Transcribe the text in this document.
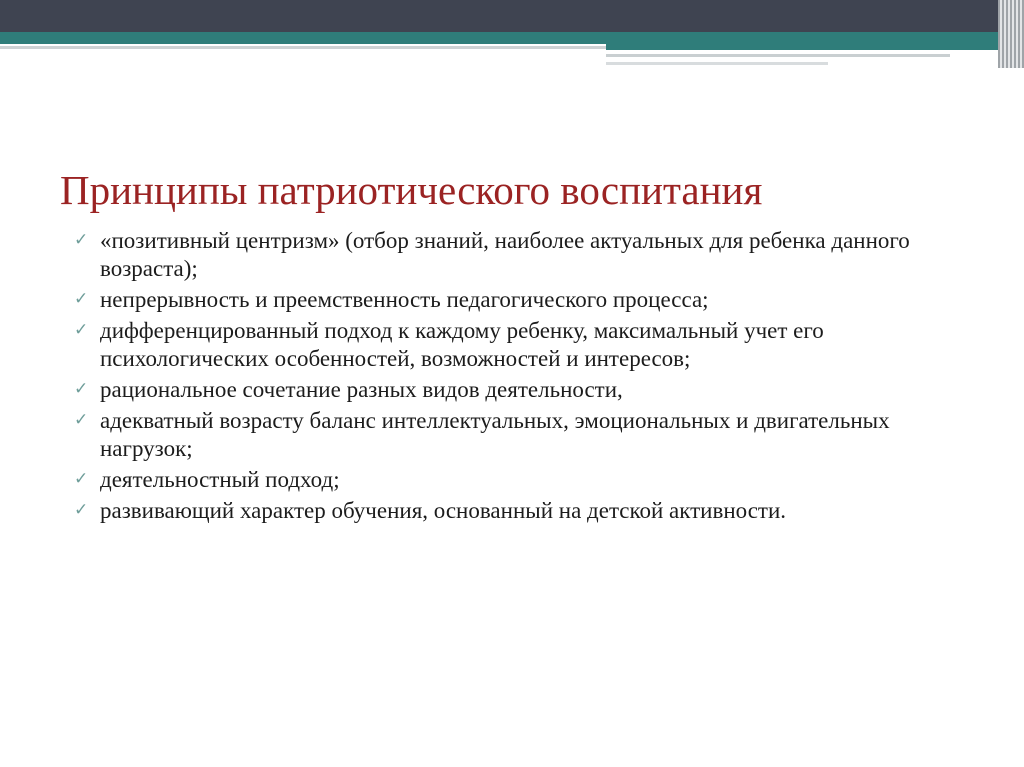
Принципы патриотического воспитания
✓ «позитивный центризм» (отбор знаний, наиболее актуальных для ребенка данного возраста);
✓ непрерывность и преемственность педагогического процесса;
✓ дифференцированный подход к каждому ребенку, максимальный учет его психологических особенностей, возможностей и интересов;
✓ рациональное сочетание разных видов деятельности,
✓ адекватный возрасту баланс интеллектуальных, эмоциональных и двигательных нагрузок;
✓ деятельностный подход;
✓ развивающий характер обучения, основанный на детской активности.
